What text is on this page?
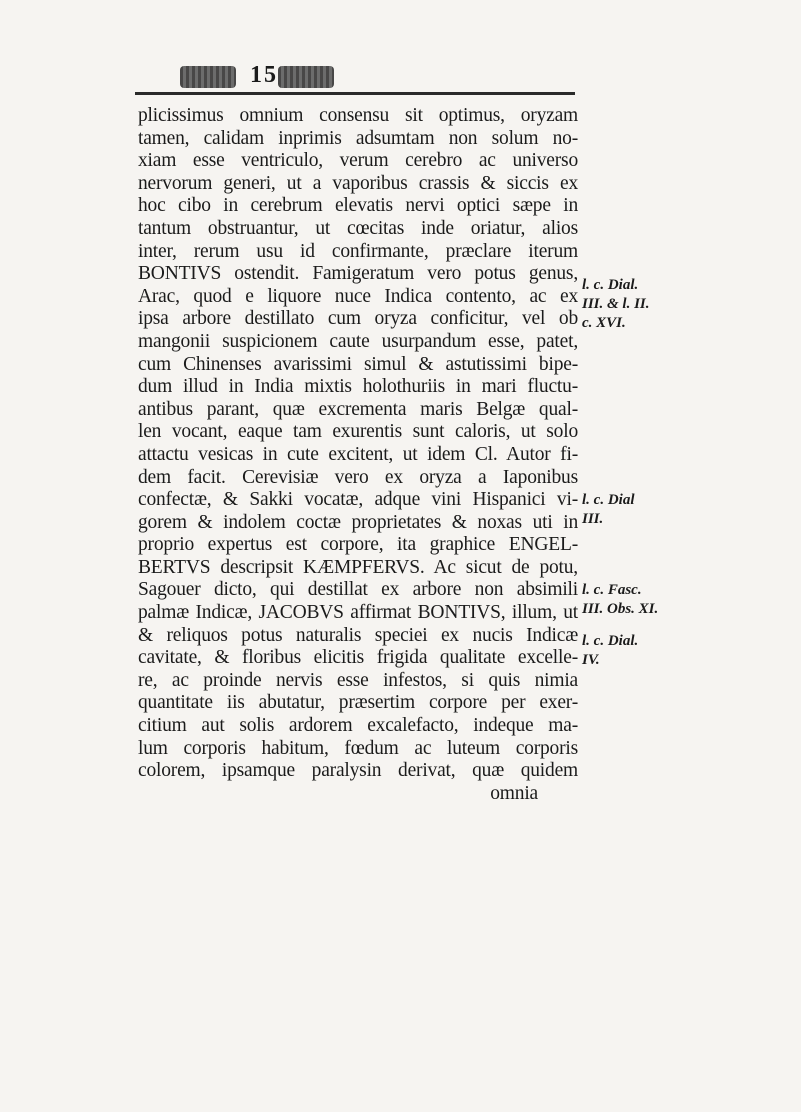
15
plicissimus omnium consensu sit optimus, oryzam
tamen, calidam inprimis adsumtam non solum no-
xiam esse ventriculo, verum cerebro ac universo
nervorum generi, ut a vaporibus crassis & siccis ex
hoc cibo in cerebrum elevatis nervi optici sæpe in
tantum obstruantur, ut cœcitas inde oriatur, alios
inter, rerum usu id confirmante, præclare iterum
BONTIVS ostendit. Famigeratum vero potus genus,
Arac, quod e liquore nuce Indica contento, ac ex
ipsa arbore destillato cum oryza conficitur, vel ob
mangonii suspicionem caute usurpandum esse, patet,
cum Chinenses avarissimi simul & astutissimi bipe-
dum illud in India mixtis holothuriis in mari fluctu-
antibus parant, quæ excrementa maris Belgæ qual-
len vocant, eaque tam exurentis sunt caloris, ut solo
attactu vesicas in cute excitent, ut idem Cl. Autor fi-
dem facit. Cerevisiæ vero ex oryza a Iaponibus
confectæ, & Sakki vocatæ, adque vini Hispanici vi-
gorem & indolem coctæ proprietates & noxas uti in
proprio expertus est corpore, ita graphice ENGEL-
BERTVS descripsit KÆMPFERVS. Ac sicut de potu,
Sagouer dicto, qui destillat ex arbore non absimili
palmæ Indicæ, JACOBVS affirmat BONTIVS, illum, ut
& reliquos potus naturalis speciei ex nucis Indicæ
cavitate, & floribus elicitis frigida qualitate excelle-
re, ac proinde nervis esse infestos, si quis nimia
quantitate iis abutatur, præsertim corpore per exer-
citium aut solis ardorem excalefacto, indeque ma-
lum corporis habitum, fœdum ac luteum corporis
colorem, ipsamque paralysin derivat, quæ quidem
omnia
l. c. Dial.
III. & l. II.
c. XVI.
l. c. Dial
III.
l. c. Fasc.
III. Obs. XI.
l. c. Dial.
IV.
